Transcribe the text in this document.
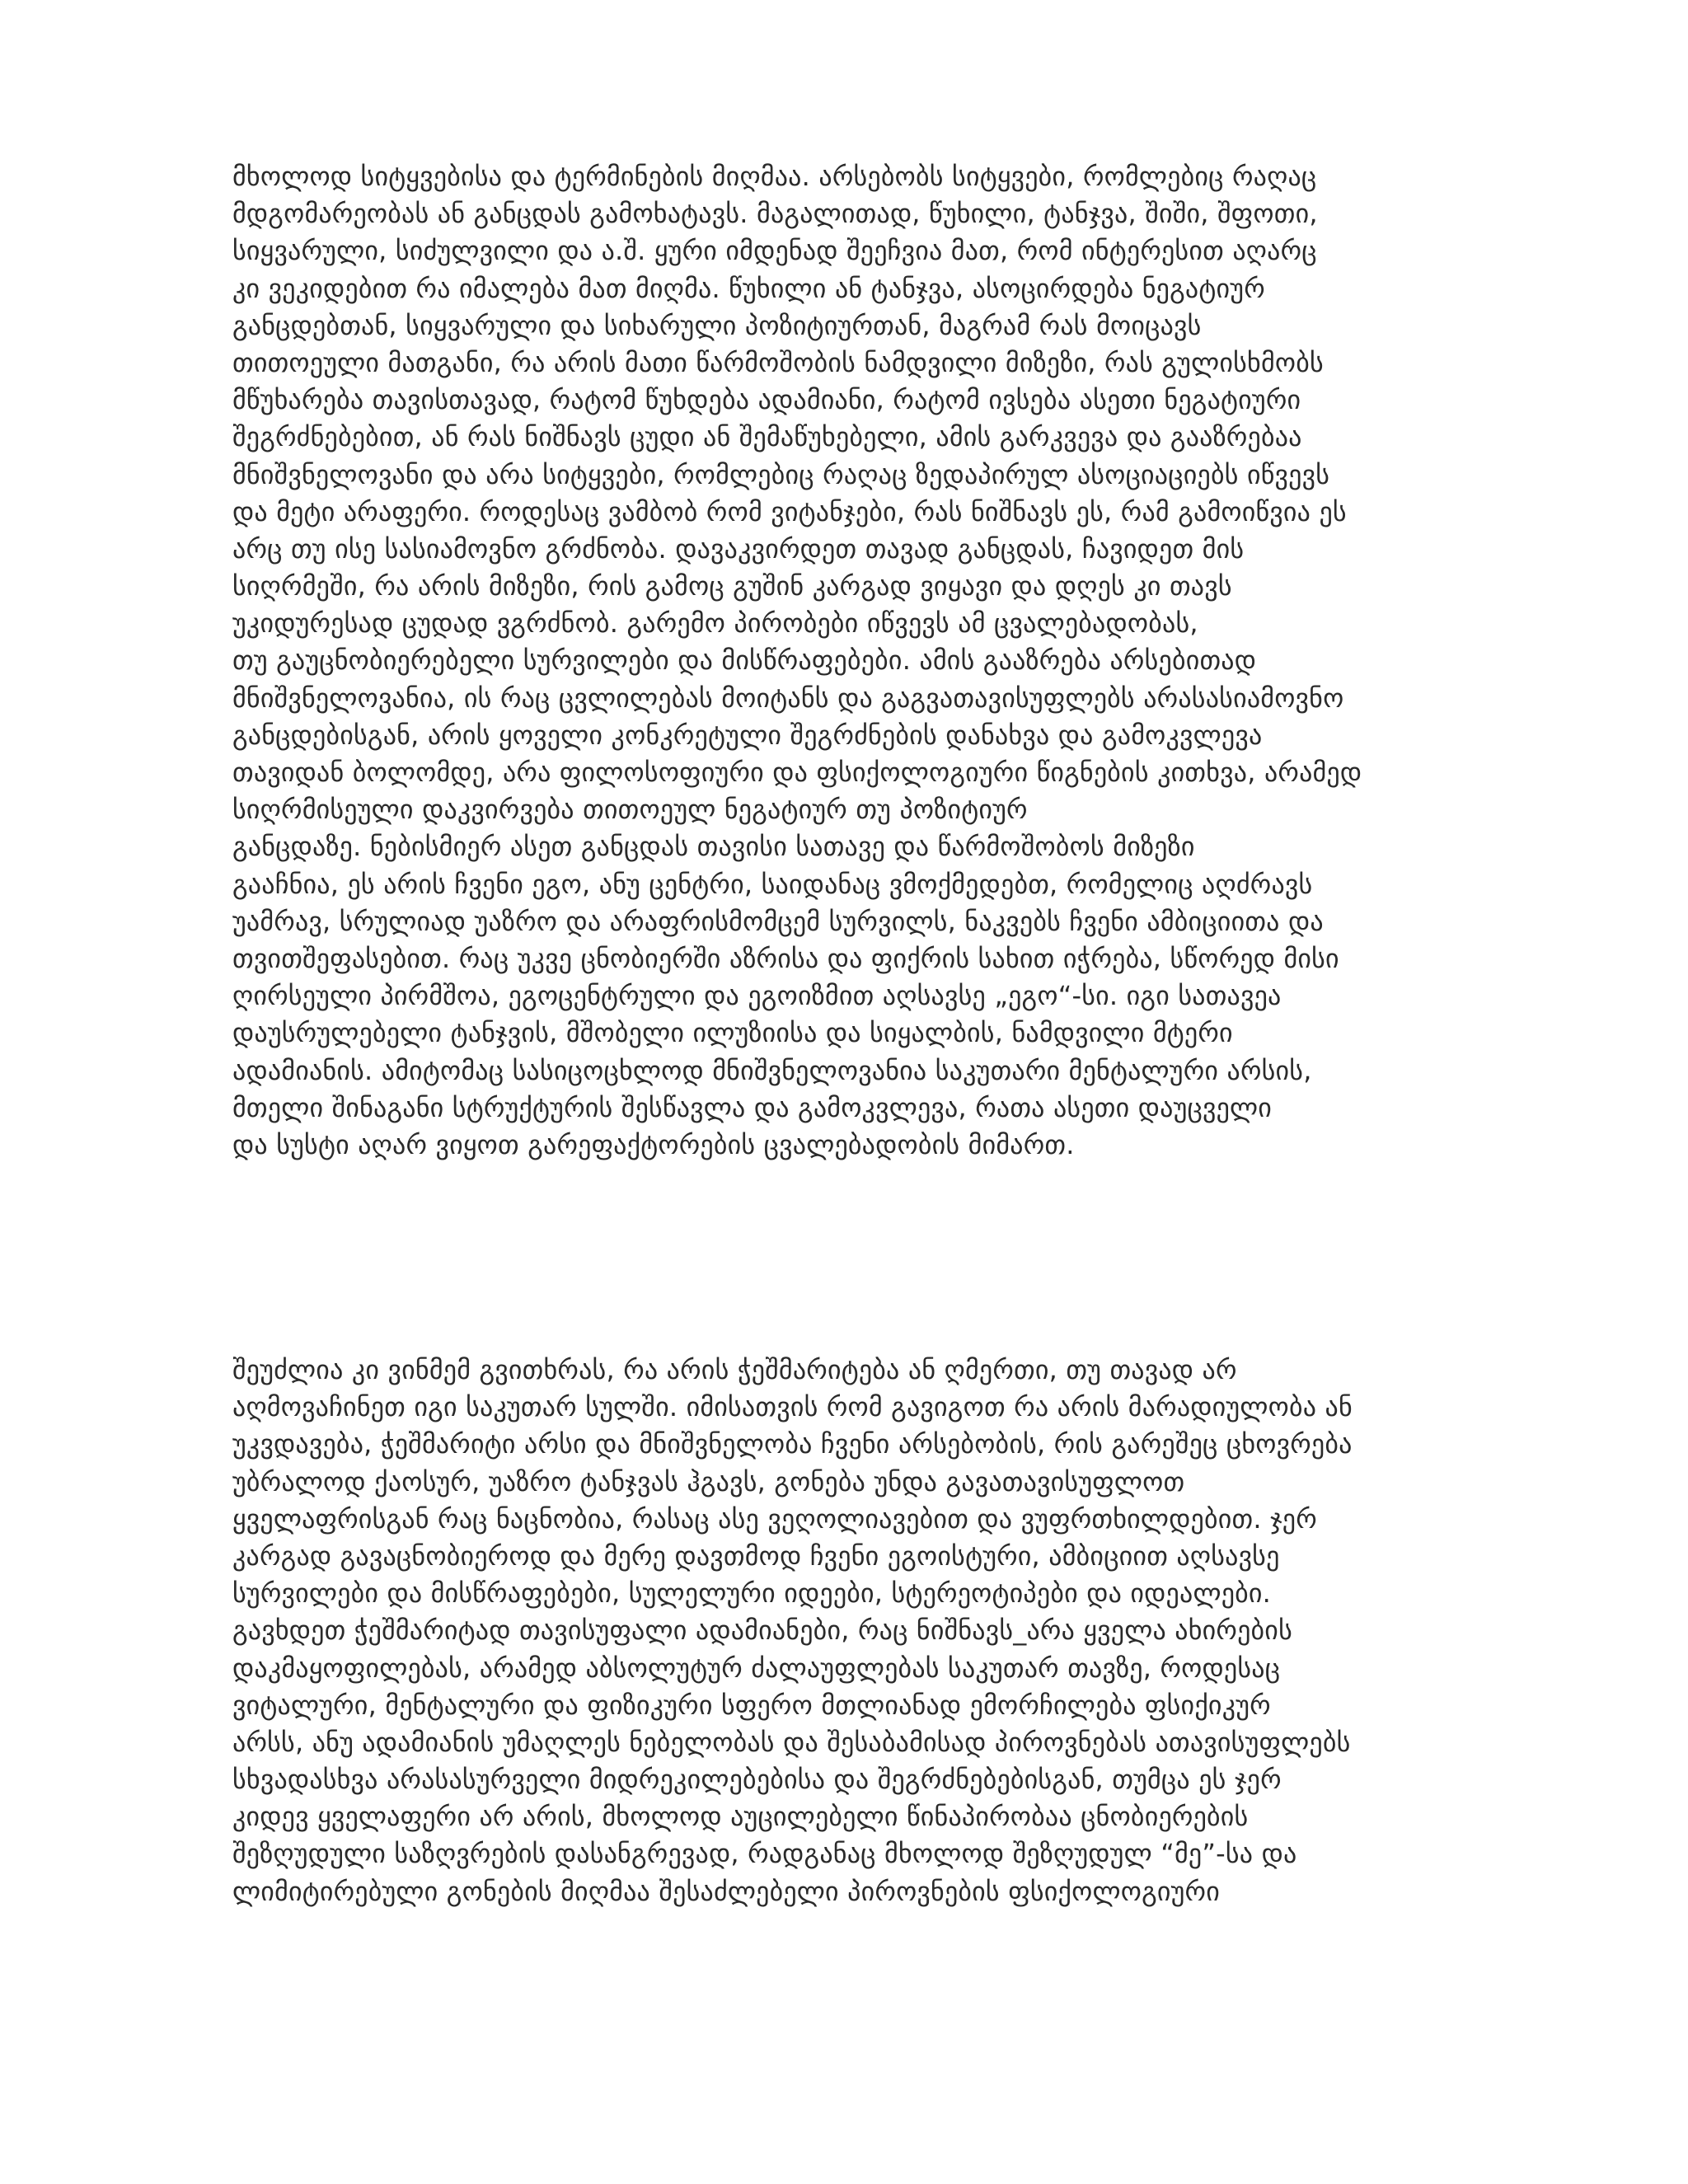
მხოლოდ სიტყვებისა და ტერმინების მიღმაა. არსებობს სიტყვები, რომლებიც რაღაც
მდგომარეობას ან განცდას გამოხატავს. მაგალითად, წუხილი, ტანჯვა, შიში, შფოთი,
სიყვარული, სიძულვილი და ა.შ. ყური იმდენად შეეჩვია მათ, რომ ინტერესით აღარც
კი ვეკიდებით რა იმალება მათ მიღმა. წუხილი ან ტანჯვა, ასოცირდება ნეგატიურ
განცდებთან, სიყვარული და სიხარული პოზიტიურთან, მაგრამ რას მოიცავს
თითოეული მათგანი, რა არის მათი წარმოშობის ნამდვილი მიზეზი, რას გულისხმობს
მწუხარება თავისთავად, რატომ წუხდება ადამიანი, რატომ ივსება ასეთი ნეგატიური
შეგრძნებებით, ან რას ნიშნავს ცუდი ან შემაწუხებელი, ამის გარკვევა და გააზრებაა
მნიშვნელოვანი და არა სიტყვები, რომლებიც რაღაც ზედაპირულ ასოციაციებს იწვევს
და მეტი არაფერი. როდესაც ვამბობ რომ ვიტანჯები, რას ნიშნავს ეს, რამ გამოიწვია ეს
არც თუ ისე სასიამოვნო გრძნობა. დავაკვირდეთ თავად განცდას, ჩავიდეთ მის
სიღრმეში, რა არის მიზეზი, რის გამოც გუშინ კარგად ვიყავი და დღეს კი თავს
უკიდურესად ცუდად ვგრძნობ. გარემო პირობები იწვევს ამ ცვალებადობას,
თუ გაუცნობიერებელი სურვილები და მისწრაფებები. ამის გააზრება არსებითად
მნიშვნელოვანია, ის რაც ცვლილებას მოიტანს და გაგვათავისუფლებს არასასიამოვნო
განცდებისგან, არის ყოველი კონკრეტული შეგრძნების დანახვა და გამოკვლევა
თავიდან ბოლომდე, არა ფილოსოფიური და ფსიქოლოგიური წიგნების კითხვა, არამედ
სიღრმისეული დაკვირვება თითოეულ ნეგატიურ თუ პოზიტიურ
განცდაზე. ნებისმიერ ასეთ განცდას თავისი სათავე და წარმოშობოს მიზეზი
გააჩნია, ეს არის ჩვენი ეგო, ანუ ცენტრი, საიდანაც ვმოქმედებთ, რომელიც აღძრავს
უამრავ, სრულიად უაზრო და არაფრისმომცემ სურვილს, ნაკვებს ჩვენი ამბიციითა და
თვითშეფასებით. რაც უკვე ცნობიერში აზრისა და ფიქრის სახით იჭრება, სწორედ მისი
ღირსეული პირმშოა, ეგოცენტრული და ეგოიზმით აღსავსე „ეგო“-სი. იგი სათავეა
დაუსრულებელი ტანჯვის, მშობელი ილუზიისა და სიყალბის, ნამდვილი მტერი
ადამიანის. ამიტომაც სასიცოცხლოდ მნიშვნელოვანია საკუთარი მენტალური არსის,
მთელი შინაგანი სტრუქტურის შესწავლა და გამოკვლევა, რათა ასეთი დაუცველი
და სუსტი აღარ ვიყოთ გარეფაქტორების ცვალებადობის მიმართ.
შეუძლია კი ვინმემ გვითხრას, რა არის ჭეშმარიტება ან ღმერთი, თუ თავად არ
აღმოვაჩინეთ იგი საკუთარ სულში. იმისათვის რომ გავიგოთ რა არის მარადიულობა ან
უკვდავება, ჭეშმარიტი არსი და მნიშვნელობა ჩვენი არსებობის, რის გარეშეც ცხოვრება
უბრალოდ ქაოსურ, უაზრო ტანჯვას ჰგავს, გონება უნდა გავათავისუფლოთ
ყველაფრისგან რაც ნაცნობია, რასაც ასე ვეღოლიავებით და ვუფრთხილდებით. ჯერ
კარგად გავაცნობიეროდ და მერე დავთმოდ ჩვენი ეგოისტური, ამბიციით აღსავსე
სურვილები და მისწრაფებები, სულელური იდეები, სტერეოტიპები და იდეალები.
გავხდეთ ჭეშმარიტად თავისუფალი ადამიანები, რაც ნიშნავს_არა ყველა ახირების
დაკმაყოფილებას, არამედ აბსოლუტურ ძალაუფლებას საკუთარ თავზე, როდესაც
ვიტალური, მენტალური და ფიზიკური სფერო მთლიანად ემორჩილება ფსიქიკურ
არსს, ანუ ადამიანის უმაღლეს ნებელობას და შესაბამისად პიროვნებას ათავისუფლებს
სხვადასხვა არასასურველი მიდრეკილებებისა და შეგრძნებებისგან, თუმცა ეს ჯერ
კიდევ ყველაფერი არ არის, მხოლოდ აუცილებელი წინაპირობაა ცნობიერების
შეზღუდული საზღვრების დასანგრევად, რადგანაც მხოლოდ შეზღუდულ “მე”-სა და
ლიმიტირებული გონების მიღმაა შესაძლებელი პიროვნების ფსიქოლოგიური
